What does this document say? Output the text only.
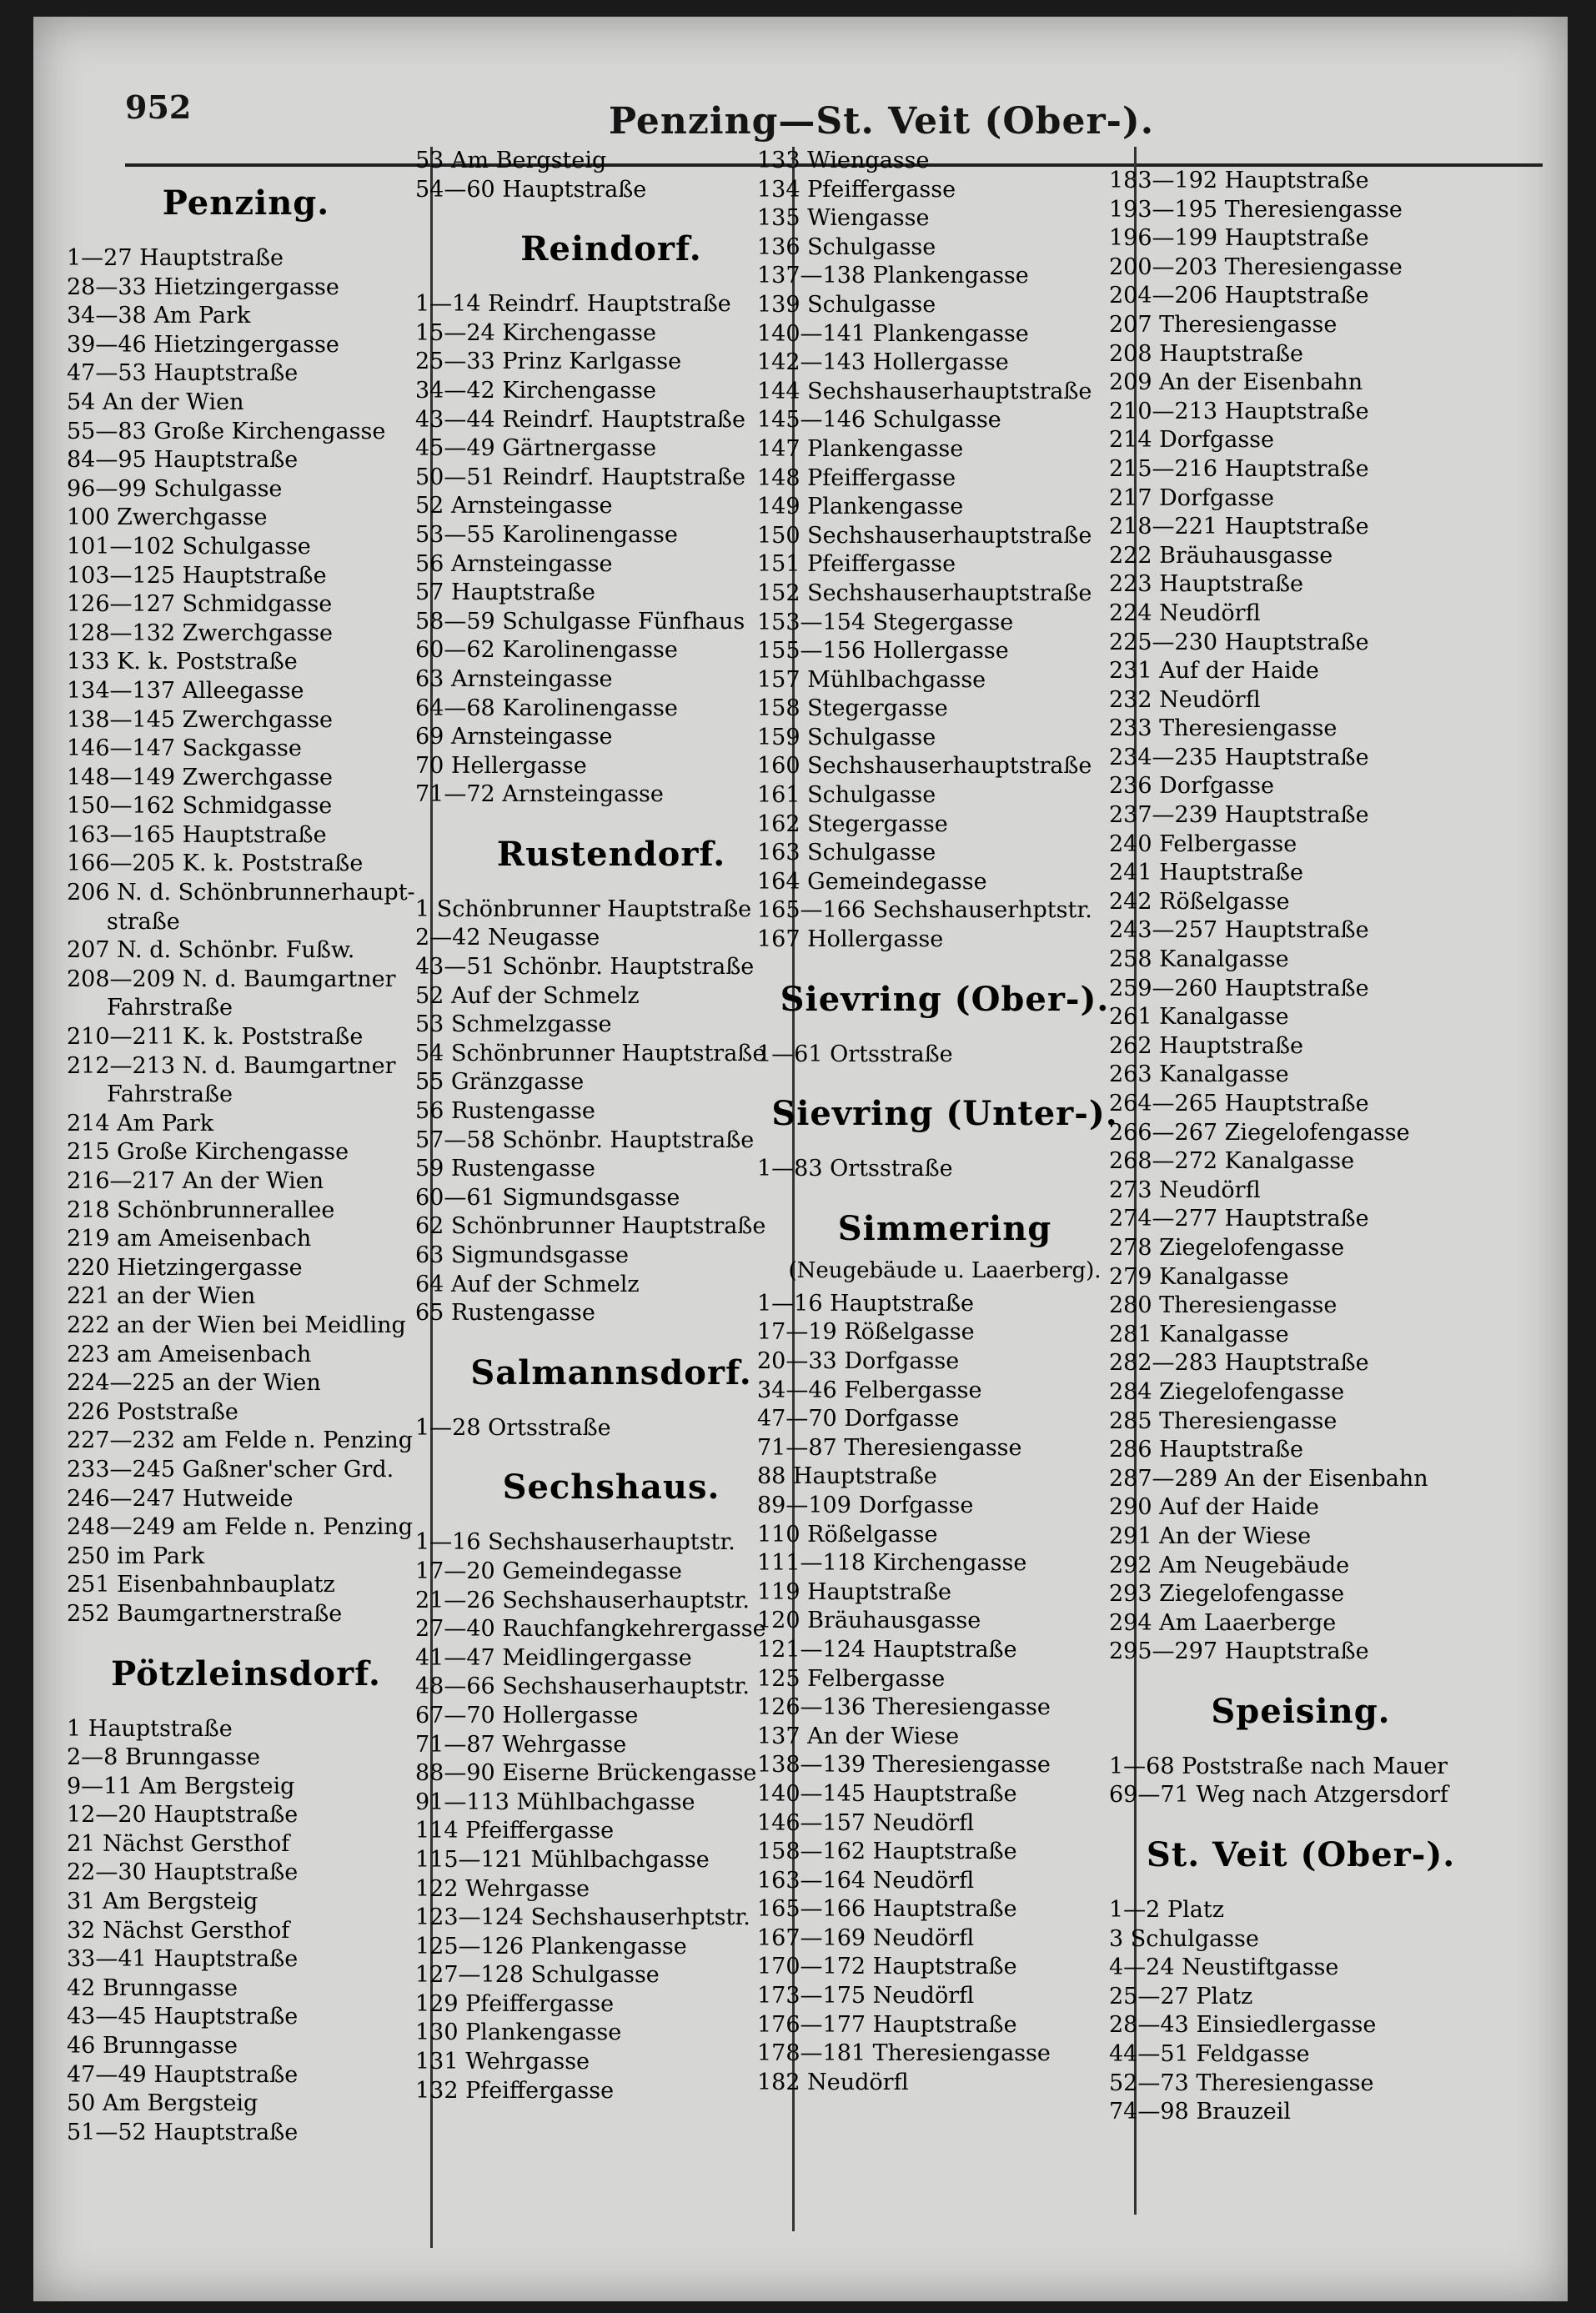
952	Penzing—St. Veit (Ober-).
Penzing.
1—27 Hauptstraße
28—33 Hietzingergasse
34—38 Am Park
39—46 Hietzingergasse
47—53 Hauptstraße
54 An der Wien
55—83 Große Kirchengasse
84—95 Hauptstraße
96—99 Schulgasse
100 Zwerchgasse
101—102 Schulgasse
103—125 Hauptstraße
126—127 Schmidgasse
128—132 Zwerchgasse
133 K. k. Poststraße
134—137 Alleegasse
138—145 Zwerchgasse
146—147 Sackgasse
148—149 Zwerchgasse
150—162 Schmidgasse
163—165 Hauptstraße
166—205 K. k. Poststraße
206 N. d. Schönbrunnerhaupt-
straße
207 N. d. Schönbr. Fußw.
208—209 N. d. Baumgartner
Fahrstraße
210—211 K. k. Poststraße
212—213 N. d. Baumgartner
Fahrstraße
214 Am Park
215 Große Kirchengasse
216—217 An der Wien
218 Schönbrunnerallee
219 am Ameisenbach
220 Hietzingergasse
221 an der Wien
222 an der Wien bei Meidling
223 am Ameisenbach
224—225 an der Wien
226 Poststraße
227—232 am Felde n. Penzing
233—245 Gaßner'scher Grd.
246—247 Hutweide
248—249 am Felde n. Penzing
250 im Park
251 Eisenbahnbauplatz
252 Baumgartnerstraße
Pötzleinsdorf.
1 Hauptstraße
2—8 Brunngasse
9—11 Am Bergsteig
12—20 Hauptstraße
21 Nächst Gersthof
22—30 Hauptstraße
31 Am Bergsteig
32 Nächst Gersthof
33—41 Hauptstraße
42 Brunngasse
43—45 Hauptstraße
46 Brunngasse
47—49 Hauptstraße
50 Am Bergsteig
51—52 Hauptstraße
53 Am Bergsteig
54—60 Hauptstraße
Reindorf.
1—14 Reindrf. Hauptstraße
15—24 Kirchengasse
25—33 Prinz Karlgasse
34—42 Kirchengasse
43—44 Reindrf. Hauptstraße
45—49 Gärtnergasse
50—51 Reindrf. Hauptstraße
52 Arnsteingasse
53—55 Karolinengasse
56 Arnsteingasse
57 Hauptstraße
58—59 Schulgasse Fünfhaus
60—62 Karolinengasse
63 Arnsteingasse
64—68 Karolinengasse
69 Arnsteingasse
70 Hellergasse
71—72 Arnsteingasse
Rustendorf.
1 Schönbrunner Hauptstraße
2—42 Neugasse
43—51 Schönbr. Hauptstraße
52 Auf der Schmelz
53 Schmelzgasse
54 Schönbrunner Hauptstraße
55 Gränzgasse
56 Rustengasse
57—58 Schönbr. Hauptstraße
59 Rustengasse
60—61 Sigmundsgasse
62 Schönbrunner Hauptstraße
63 Sigmundsgasse
64 Auf der Schmelz
65 Rustengasse
Salmannsdorf.
1—28 Ortsstraße
Sechshaus.
1—16 Sechshauserhauptstr.
17—20 Gemeindegasse
21—26 Sechshauserhauptstr.
27—40 Rauchfangkehrergasse
41—47 Meidlingergasse
48—66 Sechshauserhauptstr.
67—70 Hollergasse
71—87 Wehrgasse
88—90 Eiserne Brückengasse
91—113 Mühlbachgasse
114 Pfeiffergasse
115—121 Mühlbachgasse
122 Wehrgasse
123—124 Sechshauserhptstr.
125—126 Plankengasse
127—128 Schulgasse
129 Pfeiffergasse
130 Plankengasse
131 Wehrgasse
132 Pfeiffergasse
133 Wiengasse
134 Pfeiffergasse
135 Wiengasse
136 Schulgasse
137—138 Plankengasse
139 Schulgasse
140—141 Plankengasse
142—143 Hollergasse
144 Sechshauserhauptstraße
145—146 Schulgasse
147 Plankengasse
148 Pfeiffergasse
149 Plankengasse
150 Sechshauserhauptstraße
151 Pfeiffergasse
152 Sechshauserhauptstraße
153—154 Stegergasse
155—156 Hollergasse
157 Mühlbachgasse
158 Stegergasse
159 Schulgasse
160 Sechshauserhauptstraße
161 Schulgasse
162 Stegergasse
163 Schulgasse
164 Gemeindegasse
165—166 Sechshauserhptstr.
167 Hollergasse
Sievring (Ober-).
1—61 Ortsstraße
Sievring (Unter-).
1—83 Ortsstraße
Simmering
(Neugebäude u. Laaerberg).
1—16 Hauptstraße
17—19 Rößelgasse
20—33 Dorfgasse
34—46 Felbergasse
47—70 Dorfgasse
71—87 Theresiengasse
88 Hauptstraße
89—109 Dorfgasse
110 Rößelgasse
111—118 Kirchengasse
119 Hauptstraße
120 Bräuhausgasse
121—124 Hauptstraße
125 Felbergasse
126—136 Theresiengasse
137 An der Wiese
138—139 Theresiengasse
140—145 Hauptstraße
146—157 Neudörfl
158—162 Hauptstraße
163—164 Neudörfl
165—166 Hauptstraße
167—169 Neudörfl
170—172 Hauptstraße
173—175 Neudörfl
176—177 Hauptstraße
178—181 Theresiengasse
182 Neudörfl
183—192 Hauptstraße
193—195 Theresiengasse
196—199 Hauptstraße
200—203 Theresiengasse
204—206 Hauptstraße
207 Theresiengasse
208 Hauptstraße
209 An der Eisenbahn
210—213 Hauptstraße
214 Dorfgasse
215—216 Hauptstraße
217 Dorfgasse
218—221 Hauptstraße
222 Bräuhausgasse
223 Hauptstraße
224 Neudörfl
225—230 Hauptstraße
231 Auf der Haide
232 Neudörfl
233 Theresiengasse
234—235 Hauptstraße
236 Dorfgasse
237—239 Hauptstraße
240 Felbergasse
241 Hauptstraße
242 Rößelgasse
243—257 Hauptstraße
258 Kanalgasse
259—260 Hauptstraße
261 Kanalgasse
262 Hauptstraße
263 Kanalgasse
264—265 Hauptstraße
266—267 Ziegelofengasse
268—272 Kanalgasse
273 Neudörfl
274—277 Hauptstraße
278 Ziegelofengasse
279 Kanalgasse
280 Theresiengasse
281 Kanalgasse
282—283 Hauptstraße
284 Ziegelofengasse
285 Theresiengasse
286 Hauptstraße
287—289 An der Eisenbahn
290 Auf der Haide
291 An der Wiese
292 Am Neugebäude
293 Ziegelofengasse
294 Am Laaerberge
295—297 Hauptstraße
Speising.
1—68 Poststraße nach Mauer
69—71 Weg nach Atzgersdorf
St. Veit (Ober-).
1—2 Platz
3 Schulgasse
4—24 Neustiftgasse
25—27 Platz
28—43 Einsiedlergasse
44—51 Feldgasse
52—73 Theresiengasse
74—98 Brauzeil
